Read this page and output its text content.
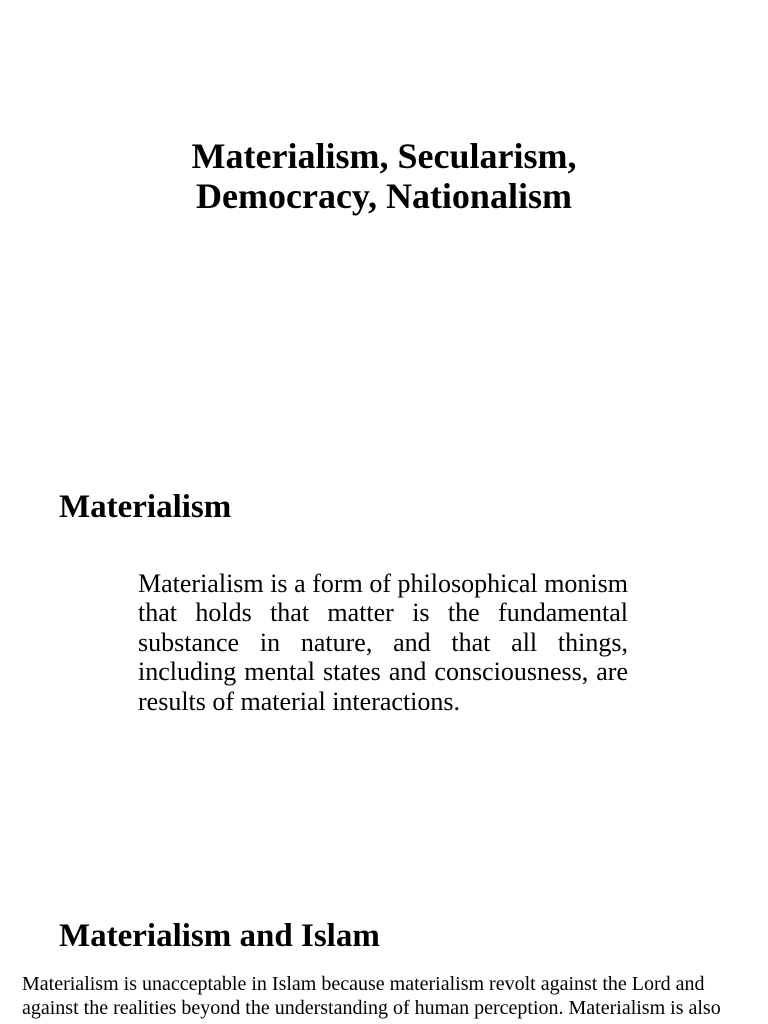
Materialism, Secularism,
Democracy, Nationalism
Materialism

Materialism is a form of philosophical monism that holds that matter is the fundamental substance in nature, and that all things, including mental states and consciousness, are results of material interactions.

Materialism and Islam

Materialism is unacceptable in Islam because materialism revolt against the Lord and
against the realities beyond the understanding of human perception. Materialism is also
